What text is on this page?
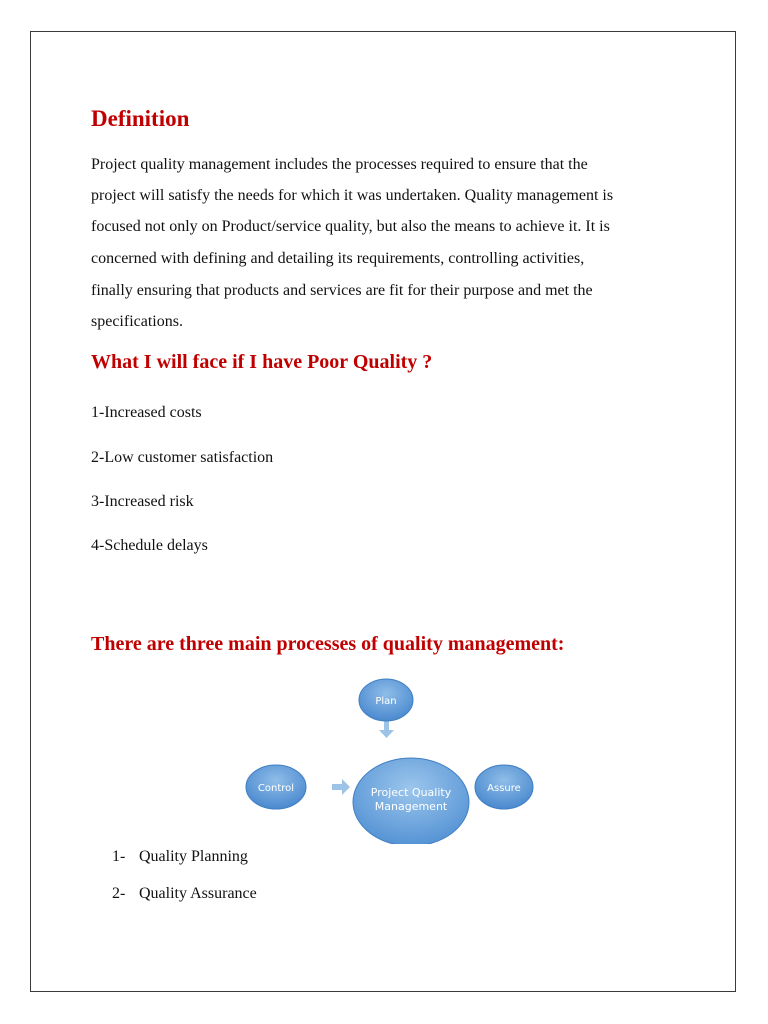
Definition

Project quality management includes the processes required to ensure that the

project will satisfy the needs for which it was undertaken. Quality management is

focused not only on Product/service quality, but also the means to achieve it. It is

concerned with defining and detailing its requirements, controlling activities,

finally ensuring that products and services are fit for their purpose and met the

specifications.

What I will face if I have Poor Quality ?

1-Increased costs

2-Low customer satisfaction

3-Increased risk

4-Schedule delays

There are three main processes of quality management:
Project Quality
Management
Plan
Control	Assure

1- Quality Planning

2- Quality Assurance
